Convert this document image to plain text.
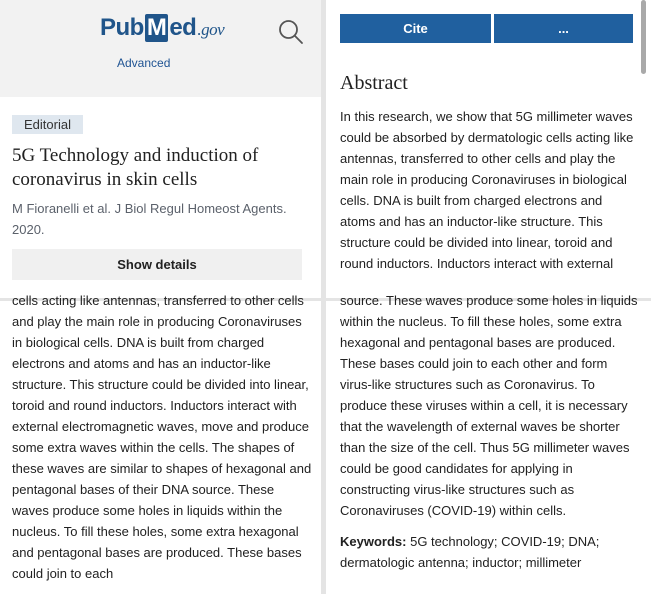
Pub M ed.gov
Advanced
Editorial
5G Technology and induction of coronavirus in skin cells
M Fioranelli et al. J Biol Regul Homeost Agents. 2020.
Show details
Cite	...
Abstract
In this research, we show that 5G millimeter waves could be absorbed by dermatologic cells acting like antennas, transferred to other cells and play the main role in producing Coronaviruses in biological cells. DNA is built from charged electrons and atoms and has an inductor-like structure. This structure could be divided into linear, toroid and round inductors. Inductors interact with external
cells acting like antennas, transferred to other cells and play the main role in producing Coronaviruses in biological cells. DNA is built from charged electrons and atoms and has an inductor-like structure. This structure could be divided into linear, toroid and round inductors. Inductors interact with external electromagnetic waves, move and produce some extra waves within the cells. The shapes of these waves are similar to shapes of hexagonal and pentagonal bases of their DNA source. These waves produce some holes in liquids within the nucleus. To fill these holes, some extra hexagonal and pentagonal bases are produced. These bases could join to each
source. These waves produce some holes in liquids within the nucleus. To fill these holes, some extra hexagonal and pentagonal bases are produced. These bases could join to each other and form virus-like structures such as Coronavirus. To produce these viruses within a cell, it is necessary that the wavelength of external waves be shorter than the size of the cell. Thus 5G millimeter waves could be good candidates for applying in constructing virus-like structures such as Coronaviruses (COVID-19) within cells.
Keywords: 5G technology; COVID-19; DNA; dermatologic antenna; inductor; millimeter
